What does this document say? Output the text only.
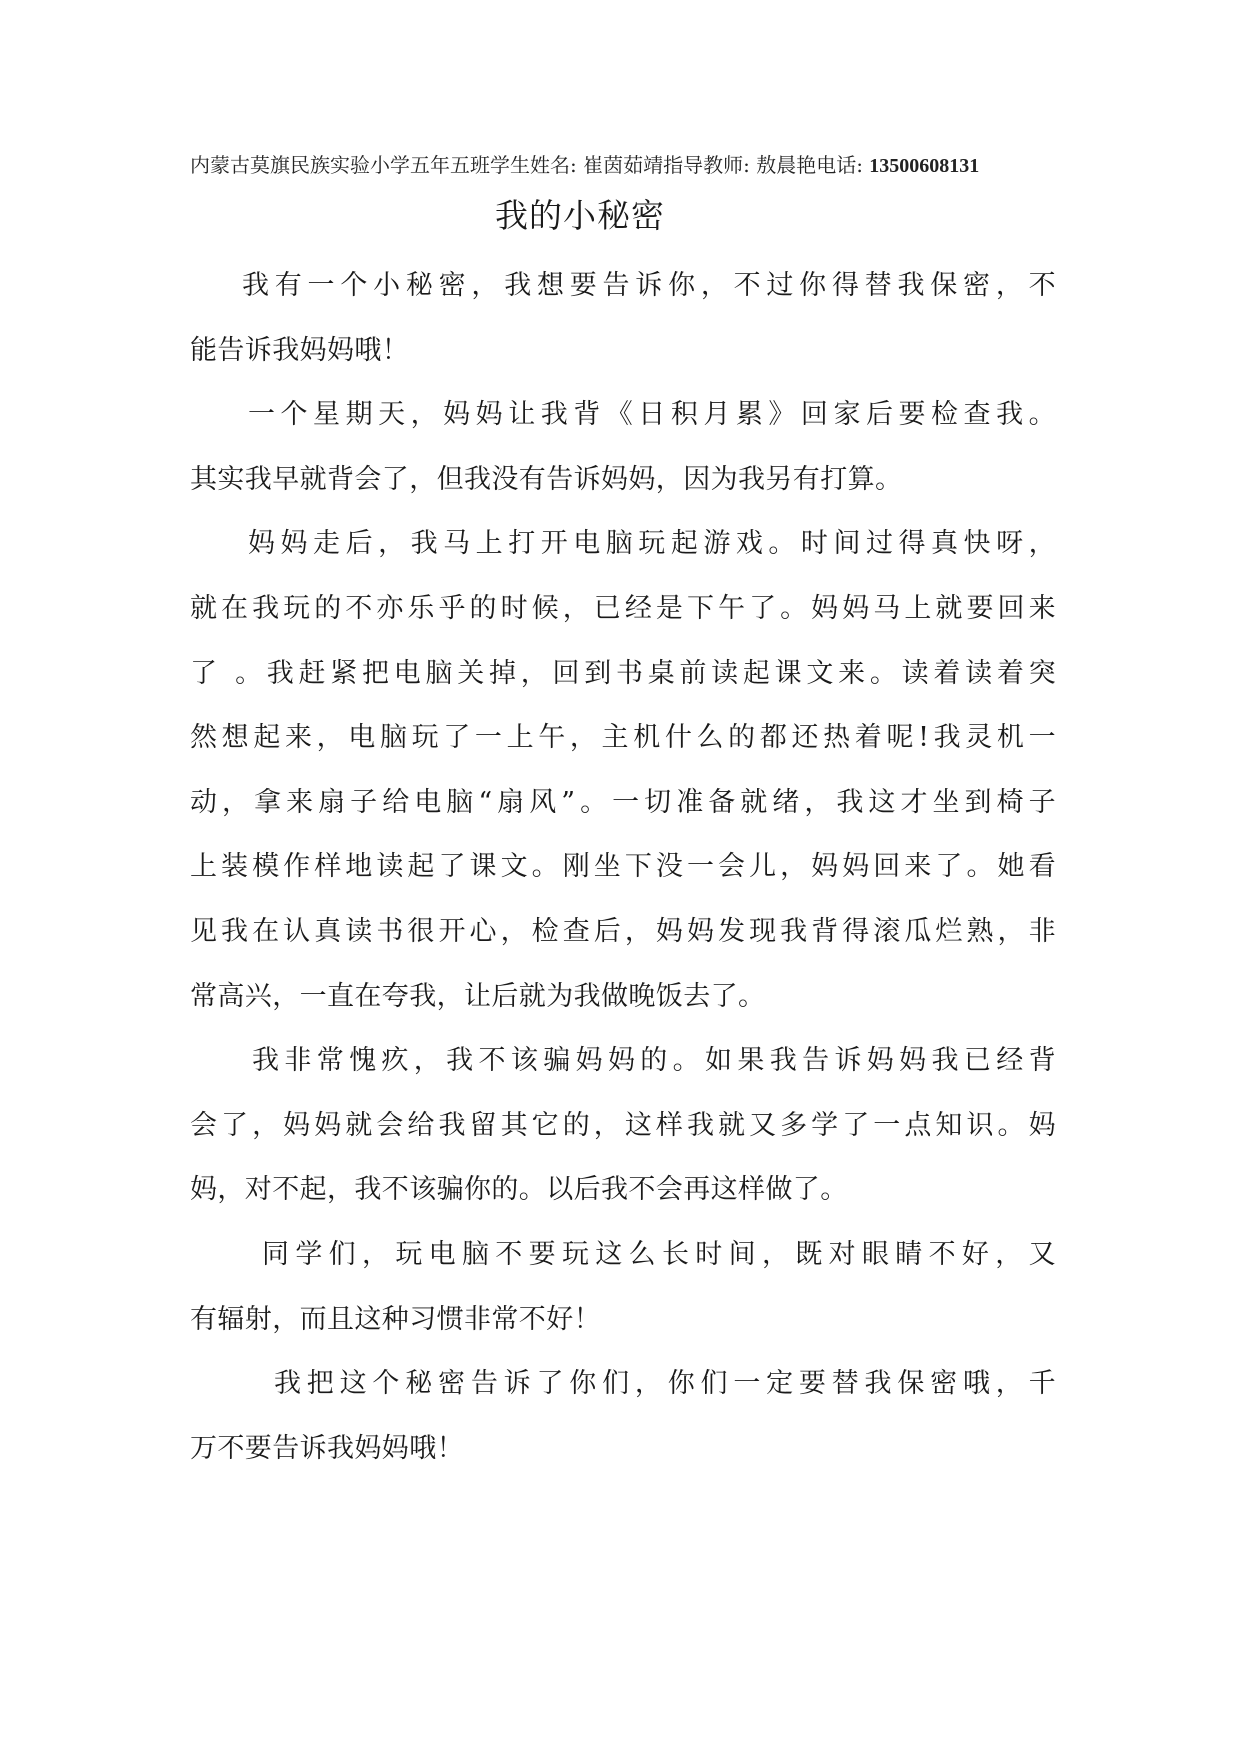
内蒙古莫旗民族实验小学五年五班学生姓名: 崔茵茹靖指导教师: 敖晨艳电话: 13500608131
我的小秘密
我有一个小秘密，我想要告诉你，不过你得替我保密，不
能告诉我妈妈哦！
一个星期天，妈妈让我背《日积月累》回家后要检查我。
其实我早就背会了，但我没有告诉妈妈，因为我另有打算。
妈妈走后，我马上打开电脑玩起游戏。时间过得真快呀，
就在我玩的不亦乐乎的时候，已经是下午了。妈妈马上就要回来
了 。我赶紧把电脑关掉，回到书桌前读起课文来。读着读着突
然想起来，电脑玩了一上午，主机什么的都还热着呢!我灵机一
动，拿来扇子给电脑“扇风”。一切准备就绪，我这才坐到椅子
上装模作样地读起了课文。刚坐下没一会儿，妈妈回来了。她看
见我在认真读书很开心，检查后，妈妈发现我背得滚瓜烂熟，非
常高兴，一直在夸我，让后就为我做晚饭去了。
我非常愧疚，我不该骗妈妈的。如果我告诉妈妈我已经背
会了，妈妈就会给我留其它的，这样我就又多学了一点知识。妈
妈，对不起，我不该骗你的。以后我不会再这样做了。
同学们，玩电脑不要玩这么长时间，既对眼睛不好，又
有辐射，而且这种习惯非常不好！
我把这个秘密告诉了你们，你们一定要替我保密哦，千
万不要告诉我妈妈哦！
